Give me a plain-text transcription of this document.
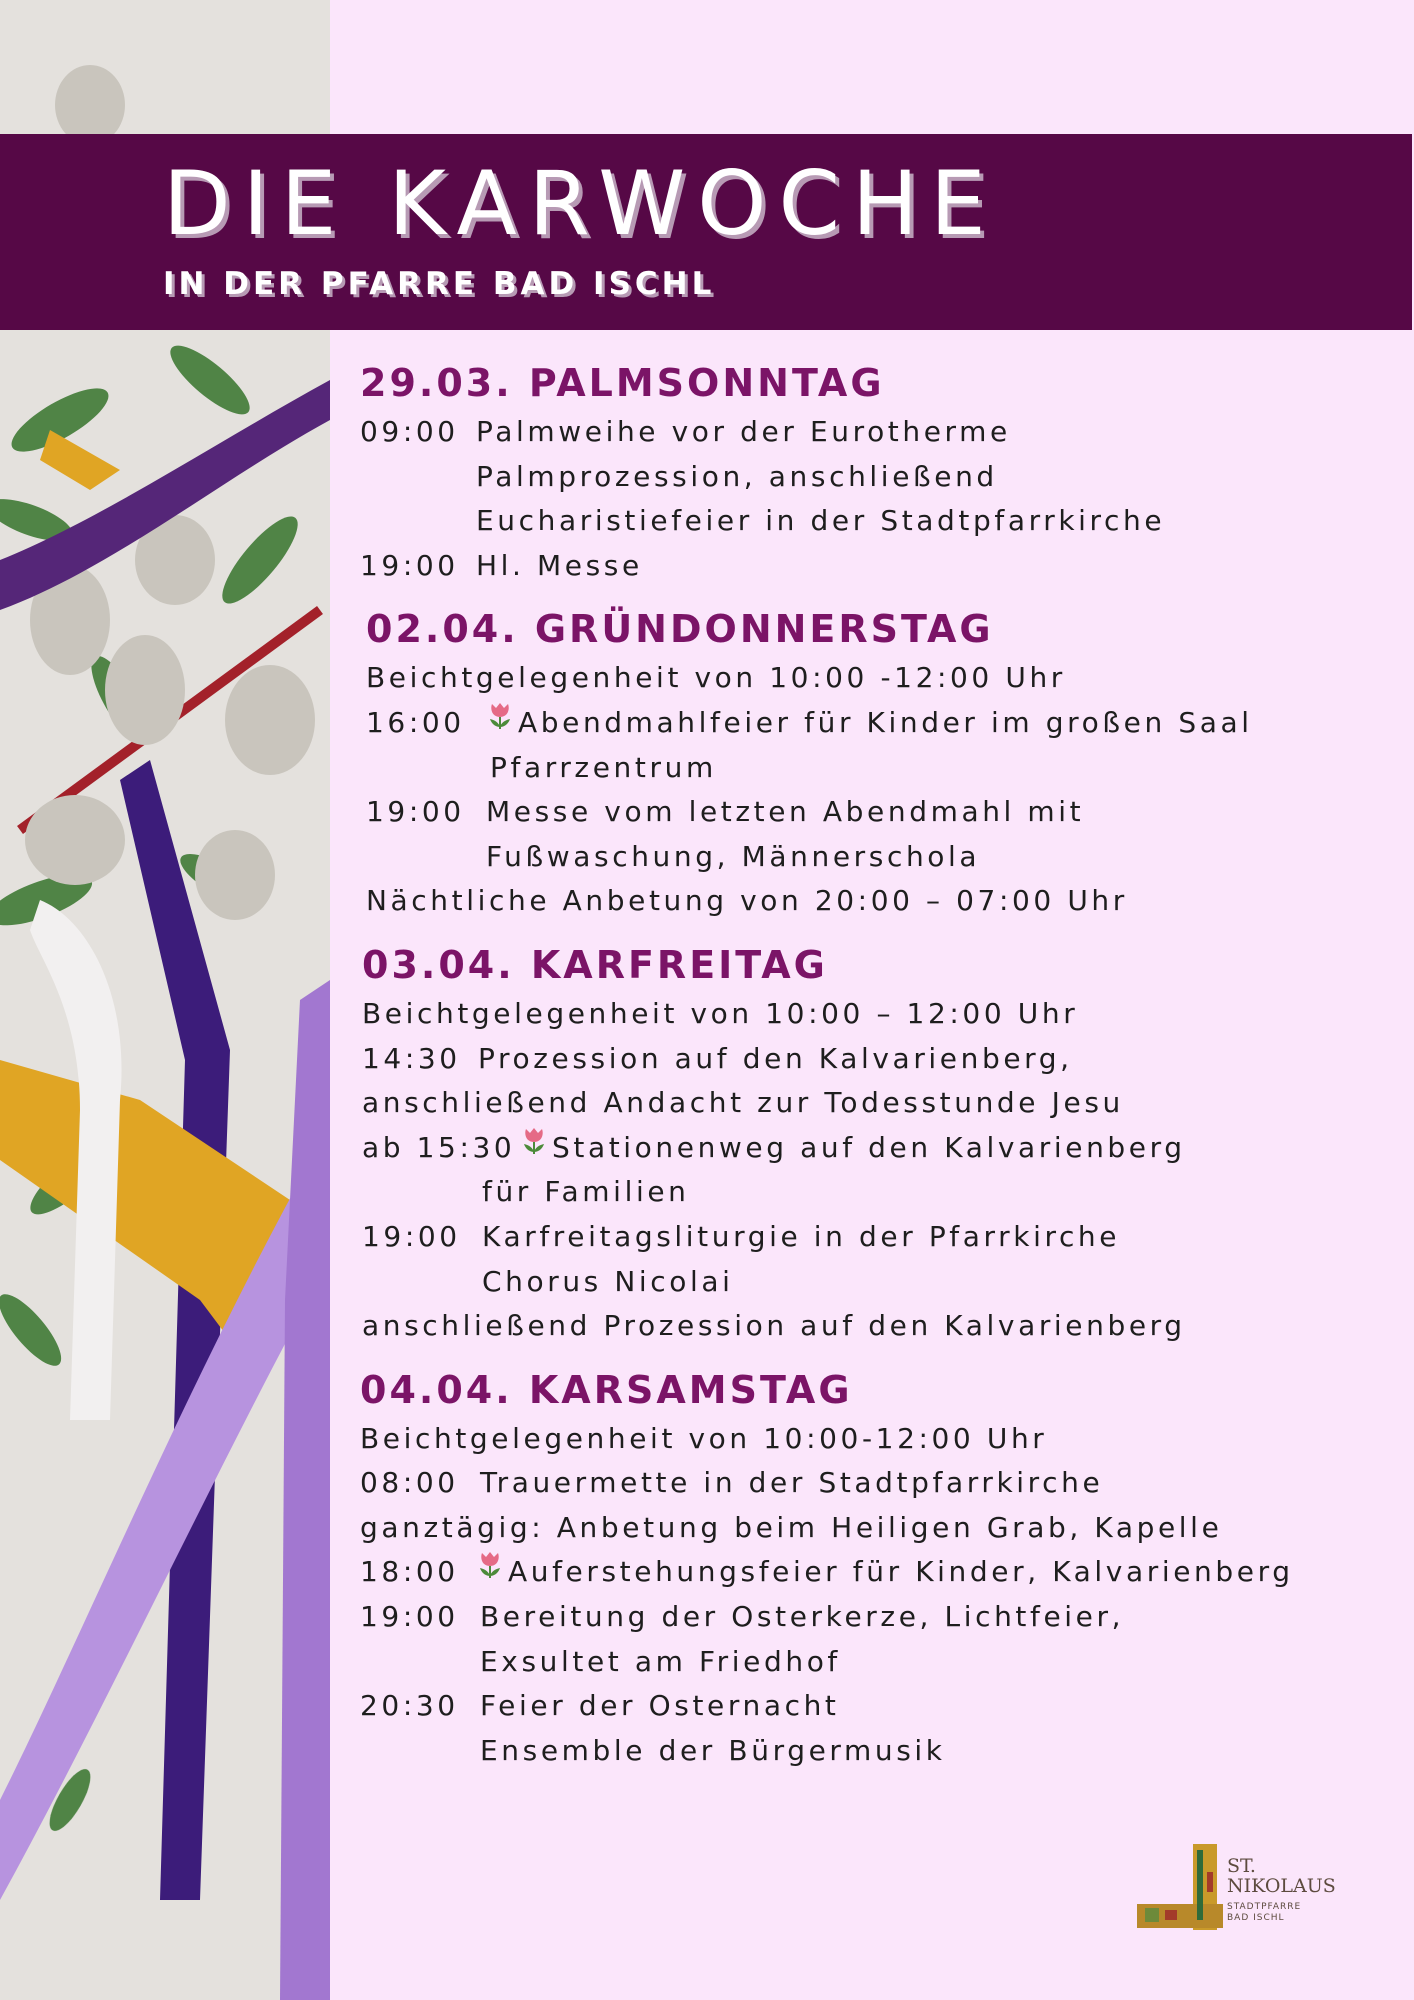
DIE KARWOCHE
IN DER PFARRE BAD ISCHL
29.03. PALMSONNTAG
09:00 Palmweihe vor der Eurotherme
Palmprozession, anschließend
Eucharistiefeier in der Stadtpfarrkirche
19:00 Hl. Messe
02.04. GRÜNDONNERSTAG
Beichtgelegenheit von 10:00 -12:00 Uhr
16:00	Abendmahlfeier für Kinder im großen Saal
Pfarrzentrum
19:00 Messe vom letzten Abendmahl mit
Fußwaschung, Männerschola
Nächtliche Anbetung von 20:00 – 07:00 Uhr
03.04. KARFREITAG
Beichtgelegenheit von 10:00 – 12:00 Uhr
14:30 Prozession auf den Kalvarienberg,
anschließend Andacht zur Todesstunde Jesu
ab 15:30 Stationenweg auf den Kalvarienberg
für Familien
19:00 Karfreitagsliturgie in der Pfarrkirche
Chorus Nicolai
anschließend Prozession auf den Kalvarienberg
04.04. KARSAMSTAG
Beichtgelegenheit von 10:00-12:00 Uhr
08:00 Trauermette in der Stadtpfarrkirche
ganztägig: Anbetung beim Heiligen Grab, Kapelle
18:00	Auferstehungsfeier für Kinder, Kalvarienberg
19:00 Bereitung der Osterkerze, Lichtfeier,
Exsultet am Friedhof
20:30 Feier der Osternacht
Ensemble der Bürgermusik
ST.
NIKOLAUS
STADTPFARRE
BAD ISCHL
